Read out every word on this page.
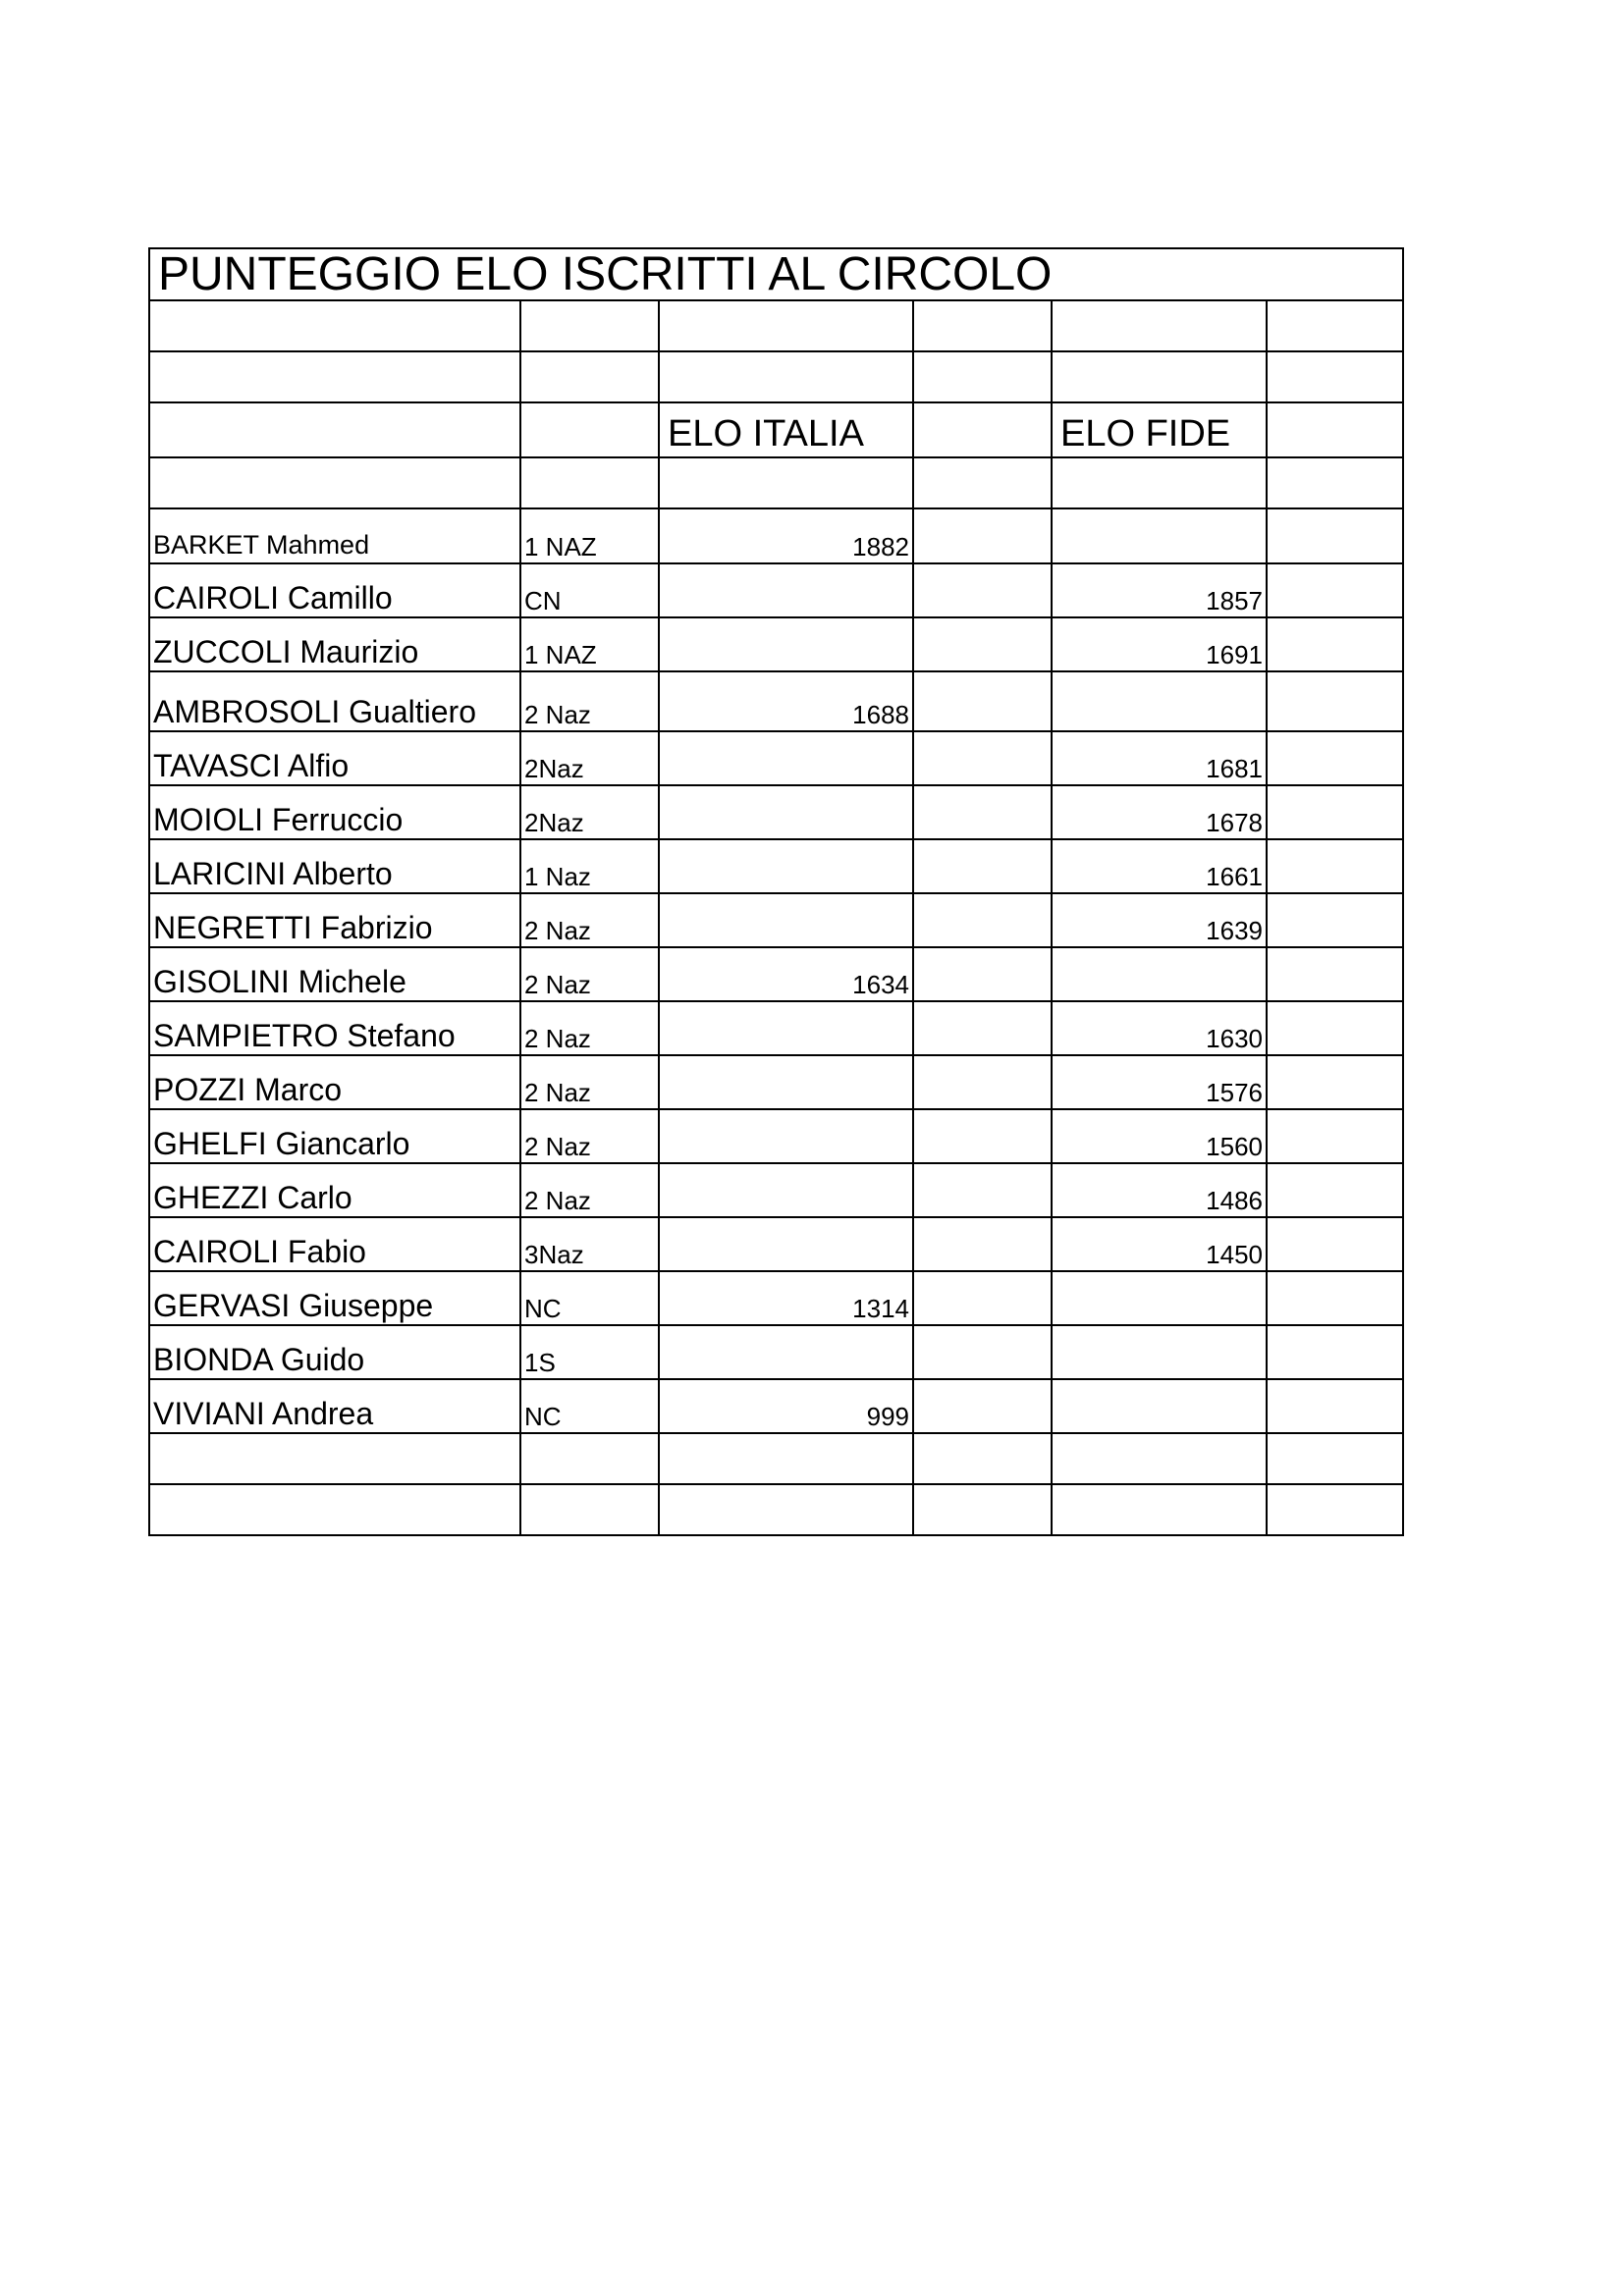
PUNTEGGIO ELO ISCRITTI AL CIRCOLO					

		ELO ITALIA		ELO FIDE	

BARKET Mahmed	1 NAZ	1882			
CAIROLI Camillo	CN			1857	
ZUCCOLI Maurizio	1 NAZ			1691	
AMBROSOLI Gualtiero	2 Naz	1688			
TAVASCI Alfio	2Naz			1681	
MOIOLI Ferruccio	2Naz			1678	
LARICINI Alberto	1 Naz			1661	
NEGRETTI Fabrizio	2 Naz			1639	
GISOLINI Michele	2 Naz	1634			
SAMPIETRO Stefano	2 Naz			1630	
POZZI Marco	2 Naz			1576	
GHELFI Giancarlo	2 Naz			1560	
GHEZZI Carlo	2 Naz			1486	
CAIROLI Fabio	3Naz			1450	
GERVASI Giuseppe	NC	1314			
BIONDA Guido	1S				
VIVIANI Andrea	NC	999			
